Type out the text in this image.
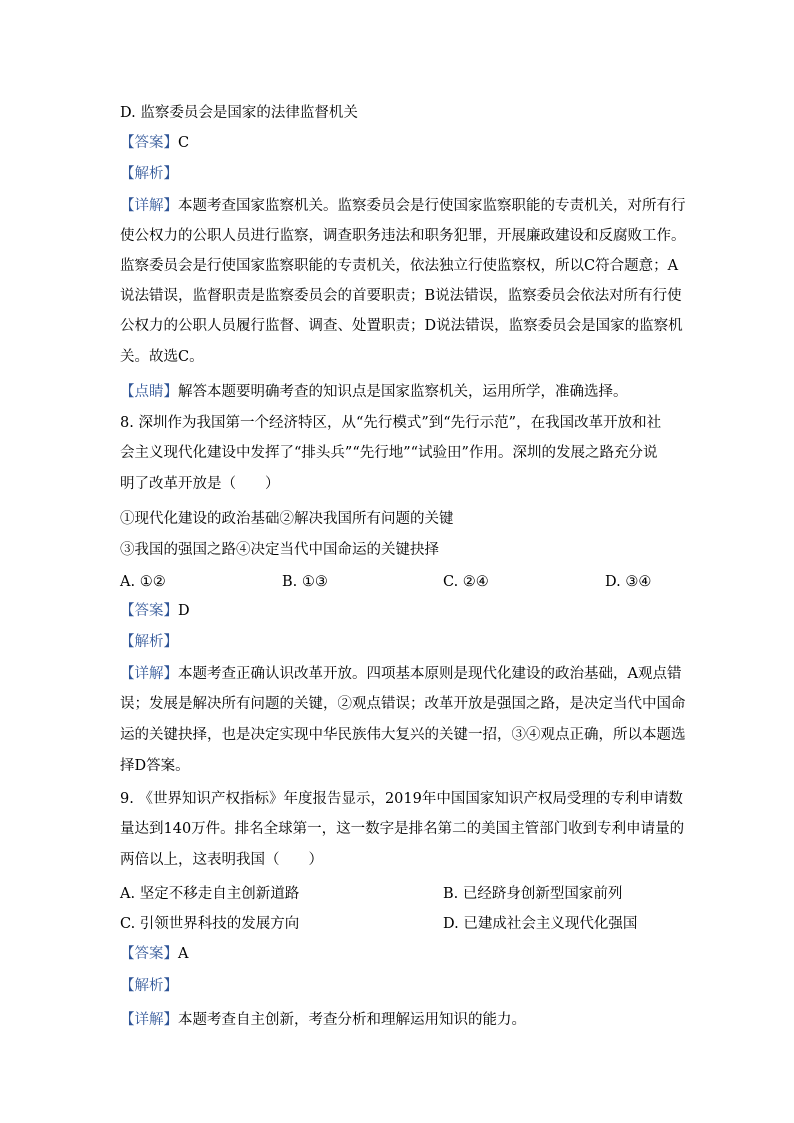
D. 监察委员会是国家的法律监督机关
【答案】C
【解析】
【详解】本题考查国家监察机关。监察委员会是行使国家监察职能的专责机关，对所有行
使公权力的公职人员进行监察，调查职务违法和职务犯罪，开展廉政建设和反腐败工作。
监察委员会是行使国家监察职能的专责机关，依法独立行使监察权，所以C符合题意；A
说法错误，监督职责是监察委员会的首要职责；B说法错误，监察委员会依法对所有行使
公权力的公职人员履行监督、调查、处置职责；D说法错误，监察委员会是国家的监察机
关。故选C。
【点睛】解答本题要明确考查的知识点是国家监察机关，运用所学，准确选择。
8. 深圳作为我国第一个经济特区，从“先行模式”到“先行示范”，在我国改革开放和社
会主义现代化建设中发挥了“排头兵”“先行地”“试验田”作用。深圳的发展之路充分说
明了改革开放是（　　）
①现代化建设的政治基础②解决我国所有问题的关键
③我国的强国之路④决定当代中国命运的关键抉择
A. ①②	B. ①③	C. ②④	D. ③④
【答案】D
【解析】
【详解】本题考查正确认识改革开放。四项基本原则是现代化建设的政治基础，A观点错
误；发展是解决所有问题的关键，②观点错误；改革开放是强国之路，是决定当代中国命
运的关键抉择，也是决定实现中华民族伟大复兴的关键一招，③④观点正确，所以本题选
择D答案。
9. 《世界知识产权指标》年度报告显示，2019年中国国家知识产权局受理的专利申请数
量达到140万件。排名全球第一，这一数字是排名第二的美国主管部门收到专利申请量的
两倍以上，这表明我国（　　）
A. 坚定不移走自主创新道路	B. 已经跻身创新型国家前列
C. 引领世界科技的发展方向	D. 已建成社会主义现代化强国
【答案】A
【解析】
【详解】本题考查自主创新，考查分析和理解运用知识的能力。
